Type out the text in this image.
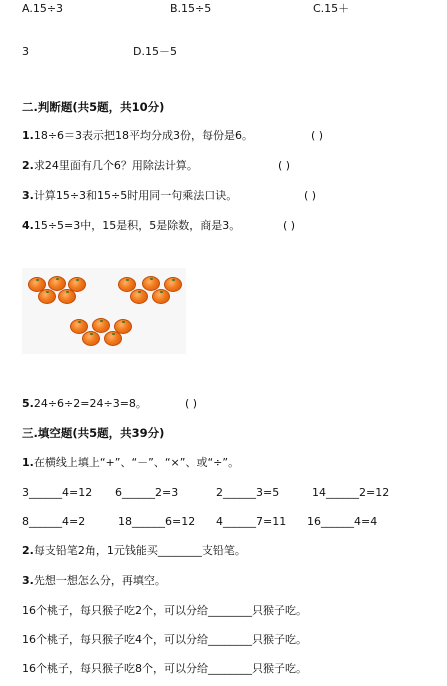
A.15÷3	B.15÷5	C.15＋
3	D.15－5
二.判断题(共5题，共10分)
1.18÷6＝3表示把18平均分成3份，每份是6。	( )
2.求24里面有几个6？用除法计算。	( )
3.计算15÷3和15÷5时用同一句乘法口诀。	( )
4.15÷5=3中，15是积，5是除数，商是3。	( )
5.24÷6÷2=24÷3=8。	( )
三.填空题(共5题，共39分)
1.在横线上填上“+”、“－”、“×”、或“÷”。
3______4=12 6______2=3	2______3=5	14______2=12
8______4=2	18______6=12 4______7=11 16______4=4
2.每支铅笔2角，1元钱能买________支铅笔。
3.先想一想怎么分，再填空。
16个桃子，每只猴子吃2个，可以分给________只猴子吃。
16个桃子，每只猴子吃4个，可以分给________只猴子吃。
16个桃子，每只猴子吃8个，可以分给________只猴子吃。
